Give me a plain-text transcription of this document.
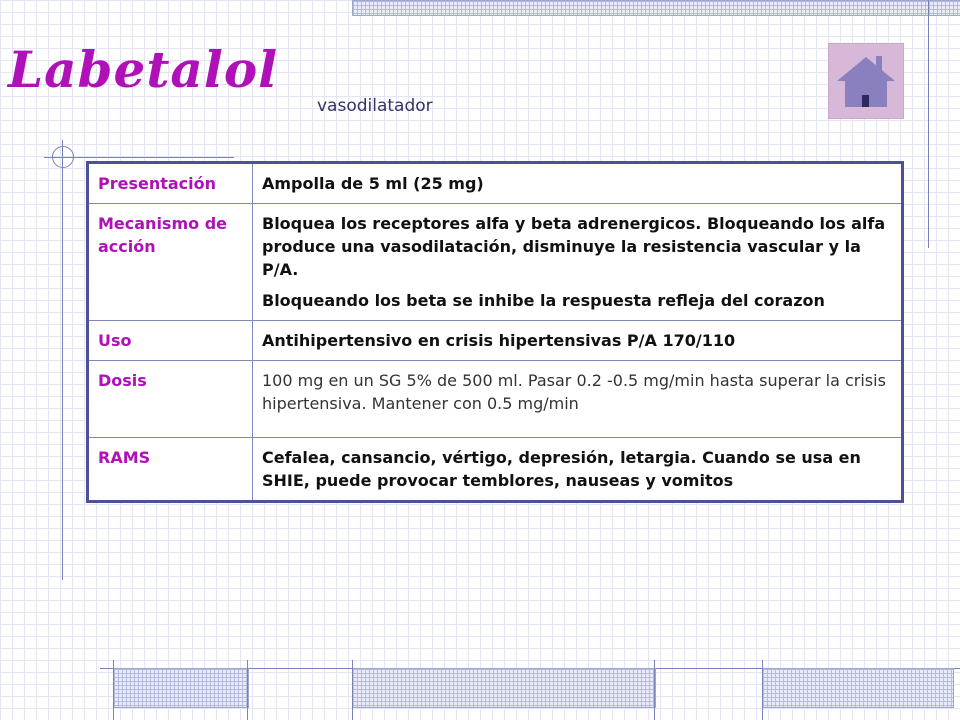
Labetalol
vasodilatador
Presentación	Ampolla de 5 ml (25 mg)

Mecanismo de acción	Bloquea los receptores alfa y beta adrenergicos. Bloqueando los alfa produce una vasodilatación, disminuye la resistencia vascular y la P/A.

Bloqueando los beta se inhibe la respuesta refleja del corazon

Uso	Antihipertensivo en crisis hipertensivas P/A 170/110

Dosis	100 mg en un SG 5% de 500 ml. Pasar 0.2 -0.5 mg/min hasta superar la crisis hipertensiva. Mantener con 0.5 mg/min

RAMS	Cefalea, cansancio, vértigo, depresión, letargia. Cuando se usa en SHIE, puede provocar temblores, nauseas y vomitos
